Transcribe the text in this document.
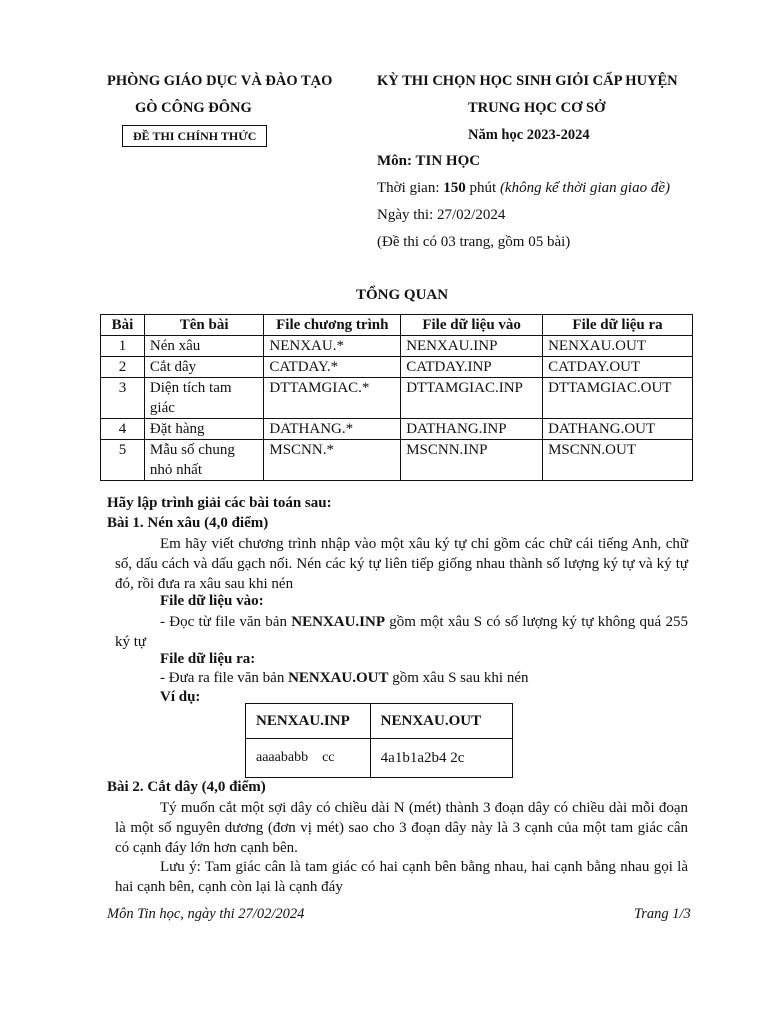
PHÒNG GIÁO DỤC VÀ ĐÀO TẠO
GÒ CÔNG ĐÔNG
ĐỀ THI CHÍNH THỨC
KỲ THI CHỌN HỌC SINH GIỎI CẤP HUYỆN
TRUNG HỌC CƠ SỞ
Năm học 2023-2024
Môn: TIN HỌC
Thời gian: 150 phút (không kể thời gian giao đề)
Ngày thi: 27/02/2024
(Đề thi có 03 trang, gồm 05 bài)
TỔNG QUAN
Bài	Tên bài	File chương trình	File dữ liệu vào	File dữ liệu ra
1	Nén xâu	NENXAU.*	NENXAU.INP	NENXAU.OUT
2	Cắt dây	CATDAY.*	CATDAY.INP	CATDAY.OUT
3	Diện tích tam giác	DTTAMGIAC.*	DTTAMGIAC.INP	DTTAMGIAC.OUT
4	Đặt hàng	DATHANG.*	DATHANG.INP	DATHANG.OUT
5	Mẫu số chung nhỏ nhất	MSCNN.*	MSCNN.INP	MSCNN.OUT
Hãy lập trình giải các bài toán sau:
Bài 1. Nén xâu (4,0 điểm)
Em hãy viết chương trình nhập vào một xâu ký tự chỉ gồm các chữ cái tiếng Anh, chữ số, dấu cách và dấu gạch nối. Nén các ký tự liên tiếp giống nhau thành số lượng ký tự và ký tự đó, rồi đưa ra xâu sau khi nén
File dữ liệu vào:
- Đọc từ file văn bản NENXAU.INP gồm một xâu S có số lượng ký tự không quá 255 ký tự
File dữ liệu ra:
- Đưa ra file văn bản NENXAU.OUT gồm xâu S sau khi nén
Ví dụ:
NENXAU.INP	NENXAU.OUT
aaaababb    cc	4a1b1a2b4 2c
Bài 2. Cắt dây (4,0 điểm)
Tý muốn cắt một sợi dây có chiều dài N (mét) thành 3 đoạn dây có chiều dài mỗi đoạn là một số nguyên dương (đơn vị mét) sao cho 3 đoạn dây này là 3 cạnh của một tam giác cân có cạnh đáy lớn hơn cạnh bên.
Lưu ý: Tam giác cân là tam giác có hai cạnh bên bằng nhau, hai cạnh bằng nhau gọi là hai cạnh bên, cạnh còn lại là cạnh đáy
Môn Tin học, ngày thi 27/02/2024	Trang 1/3
